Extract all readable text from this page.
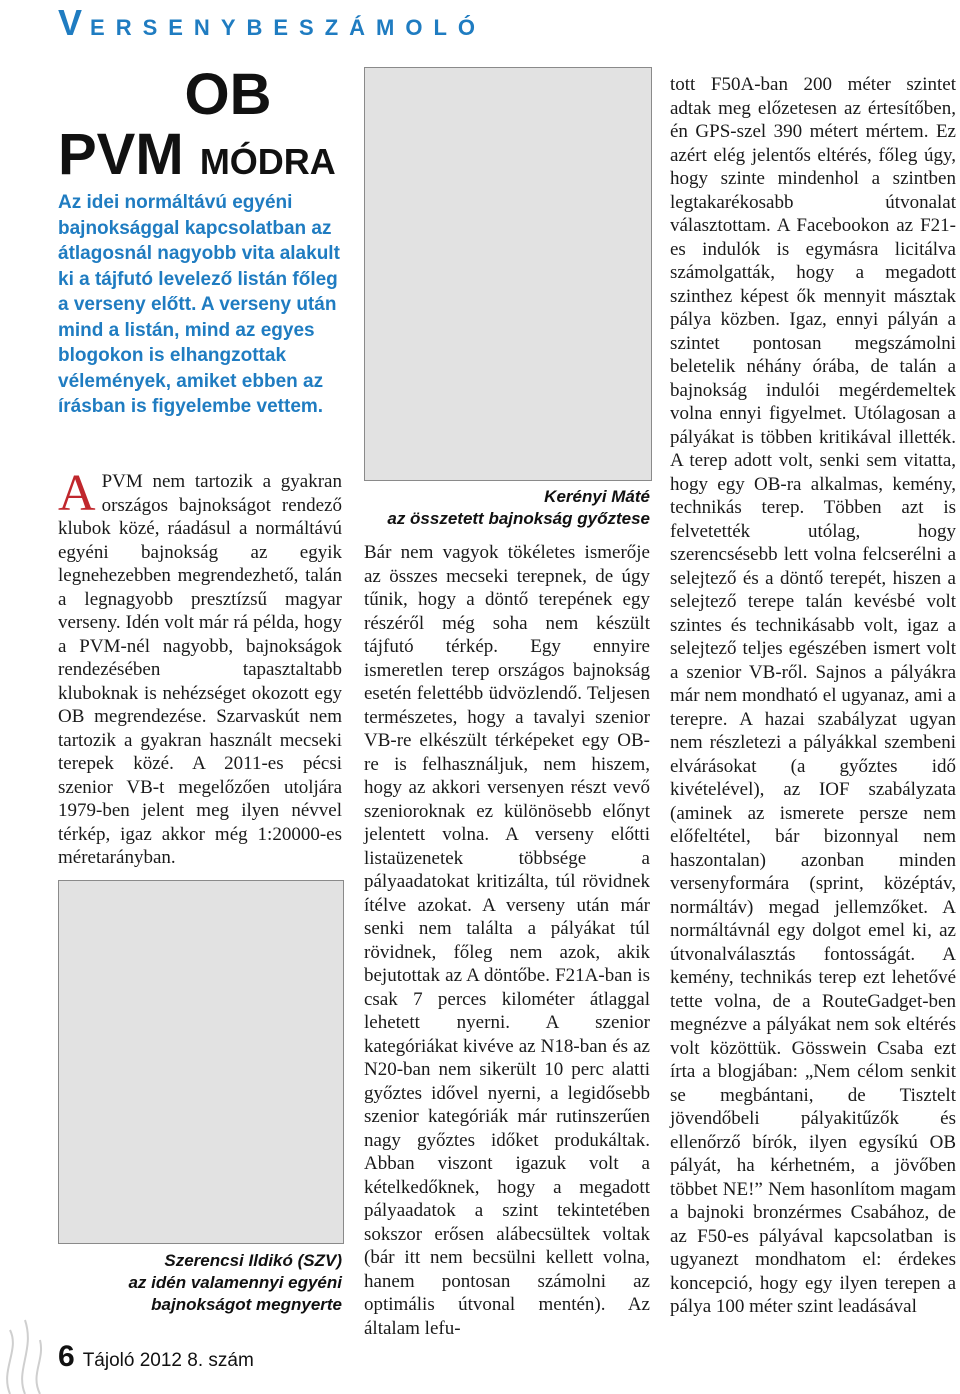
VERSENYBESZÁMOLÓ
OB
PVM MÓDRA
Az idei normáltávú egyéni bajnoksággal kapcsolatban az átlagosnál nagyobb vita alakult ki a tájfutó levelező listán főleg a verseny előtt. A verseny után mind a listán, mind az egyes blogokon is elhangzottak vélemények, amiket ebben az írásban is figyelembe vettem.
A PVM nem tartozik a gyakran országos bajnokságot rendező klubok közé, ráadásul a normáltávú egyéni bajnokság az egyik legnehezebben megrendezhető, talán a legnagyobb presztízsű magyar verseny. Idén volt már rá példa, hogy a PVM-nél nagyobb, bajnokságok rendezésében tapasztaltabb kluboknak is nehézséget okozott egy OB megrendezése. Szarvaskút nem tartozik a gyakran használt mecseki terepek közé. A 2011-es pécsi szenior VB-t megelőzően utoljára 1979-ben jelent meg ilyen névvel térkép, igaz akkor még 1:20000-es méretarányban.
Kerényi Máté
az összetett bajnokság győztese
Bár nem vagyok tökéletes ismerője az összes mecseki terepnek, de úgy tűnik, hogy a döntő terepének egy részéről még soha nem készült tájfutó térkép. Egy ennyire ismeretlen terep országos bajnokság esetén felettébb üdvözlendő. Teljesen természetes, hogy a tavalyi szenior VB-re elkészült térképeket egy OB-re is felhasználjuk, nem hiszem, hogy az akkori versenyen részt vevő szenioroknak ez különösebb előnyt jelentett volna. A verseny előtti listaüzenetek többsége a pályaadatokat kritizálta, túl rövidnek ítélve azokat. A verseny után már senki nem találta a pályákat túl rövidnek, főleg nem azok, akik bejutottak az A döntőbe. F21A-ban is csak 7 perces kilométer átlaggal lehetett nyerni. A szenior kategóriákat kivéve az N18-ban és az N20-ban nem sikerült 10 perc alatti győztes idővel nyerni, a legidősebb szenior kategóriák már rutinszerűen nagy győztes időket produkáltak. Abban viszont igazuk volt a kételkedőknek, hogy a megadott pályaadatok a szint tekintetében sokszor erősen alábecsültek voltak (bár itt nem becsülni kellett volna, hanem pontosan számolni az optimális útvonal mentén). Az általam lefu-
tott F50A-ban 200 méter szintet adtak meg előzetesen az értesítőben, én GPS-szel 390 métert mértem. Ez azért elég jelentős eltérés, főleg úgy, hogy szinte mindenhol a szintben legtakarékosabb útvonalat választottam. A Facebookon az F21-es indulók is egymásra licitálva számolgatták, hogy a megadott szinthez képest ők mennyit másztak pálya közben. Igaz, ennyi pályán a szintet pontosan megszámolni beletelik néhány órába, de talán a bajnokság indulói megérdemeltek volna ennyi figyelmet. Utólagosan a pályákat is többen kritikával illették. A terep adott volt, senki sem vitatta, hogy egy OB-ra alkalmas, kemény, technikás terep. Többen azt is felvetették utólag, hogy szerencsésebb lett volna felcserélni a selejtező és a döntő terepét, hiszen a selejtező terepe talán kevésbé volt szintes és technikásabb volt, igaz a selejtező teljes egészében ismert volt a szenior VB-ről. Sajnos a pályákra már nem mondható el ugyanaz, ami a terepre. A hazai szabályzat ugyan nem részletezi a pályákkal szembeni elvárásokat (a győztes idő kivételével), az IOF szabályzata (aminek az ismerete persze nem előfeltétel, bár bizonnyal nem haszontalan) azonban minden versenyformára (sprint, középtáv, normáltáv) megad jellemzőket. A normáltávnál egy dolgot emel ki, az útvonalválasztás fontosságát. A kemény, technikás terep ezt lehetővé tette volna, de a RouteGadget-ben megnézve a pályákat nem sok eltérés volt közöttük. Gösswein Csaba ezt írta a blogjában: „Nem célom senkit se megbántani, de Tisztelt jövendőbeli pályakitűzők és ellenőrző bírók, ilyen egysíkú OB pályát, ha kérhetném, a jövőben többet NE!” Nem hasonlítom magam a bajnoki bronzérmes Csabához, de az F50-es pályával kapcsolatban is ugyanezt mondhatom el: érdekes koncepció, hogy egy ilyen terepen a pálya 100 méter szint leadásával
Szerencsi Ildikó (SZV)
az idén valamennyi egyéni
bajnokságot megnyerte
6 Tájoló 2012 8. szám
